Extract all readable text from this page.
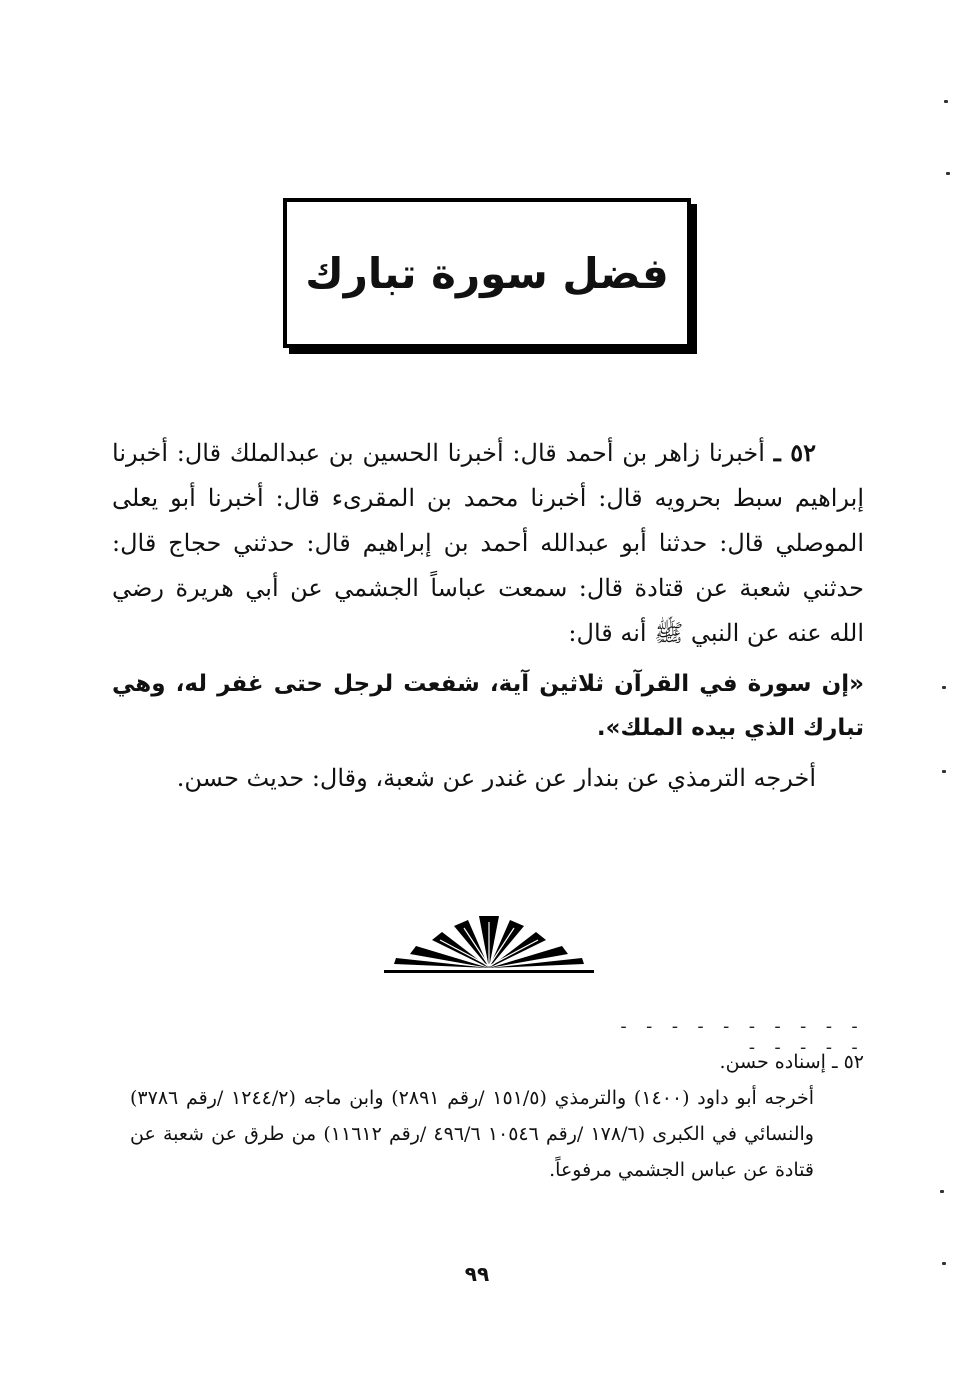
فضل سورة تبارك

٥٢ ـ أخبرنا زاهر بن أحمد قال: أخبرنا الحسين بن عبدالملك قال: أخبرنا إبراهيم سبط بحرويه قال: أخبرنا محمد بن المقرىء قال: أخبرنا أبو يعلى الموصلي قال: حدثنا أبو عبدالله أحمد بن إبراهيم قال: حدثني حجاج قال: حدثني شعبة عن قتادة قال: سمعت عباساً الجشمي عن أبي هريرة رضي الله عنه عن النبي ﷺ أنه قال:

«إن سورة في القرآن ثلاثين آية، شفعت لرجل حتى غفر له، وهي تبارك الذي بيده الملك».

أخرجه الترمذي عن بندار عن غندر عن شعبة، وقال: حديث حسن.

- - - - - - - - - - - - - - -

٥٢ ـ إسناده حسن.

أخرجه أبو داود (١٤٠٠) والترمذي (١٥١/٥ /رقم ٢٨٩١) وابن ماجه (١٢٤٤/٢ /رقم ٣٧٨٦) والنسائي في الكبرى (١٧٨/٦ /رقم ١٠٥٤٦ ٤٩٦/٦ /رقم ١١٦١٢) من طرق عن شعبة عن قتادة عن عباس الجشمي مرفوعاً.

٩٩
